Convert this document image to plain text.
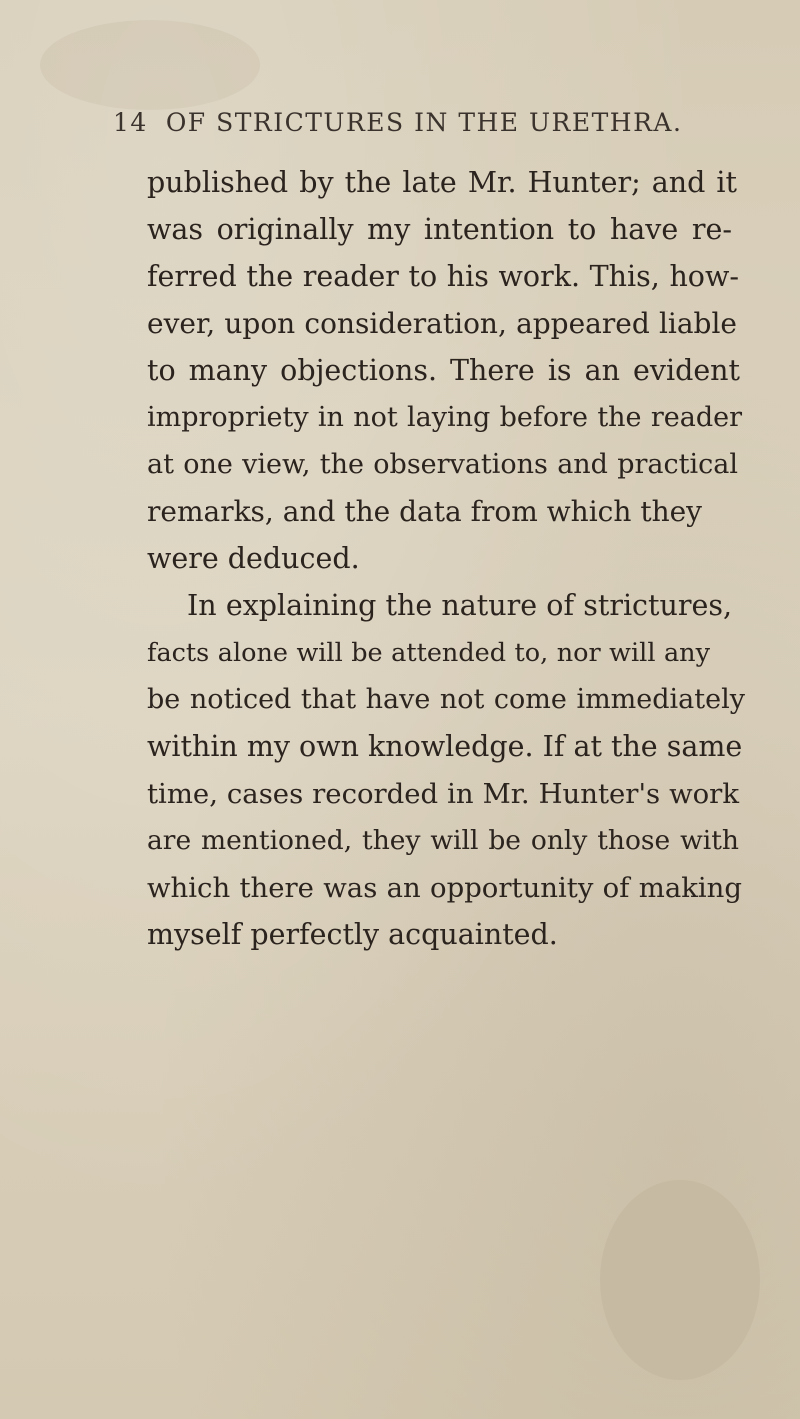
14 OF STRICTURES IN THE URETHRA.
published by the late Mr. Hunter; and it
was originally my intention to have re-
ferred the reader to his work. This, how-
ever, upon consideration, appeared liable
to many objections. There is an evident
impropriety in not laying before the reader
at one view, the observations and practical
remarks, and the data from which they
were deduced.
In explaining the nature of strictures,
facts alone will be attended to, nor will any
be noticed that have not come immediately
within my own knowledge. If at the same
time, cases recorded in Mr. Hunter's work
are mentioned, they will be only those with
which there was an opportunity of making
myself perfectly acquainted.
